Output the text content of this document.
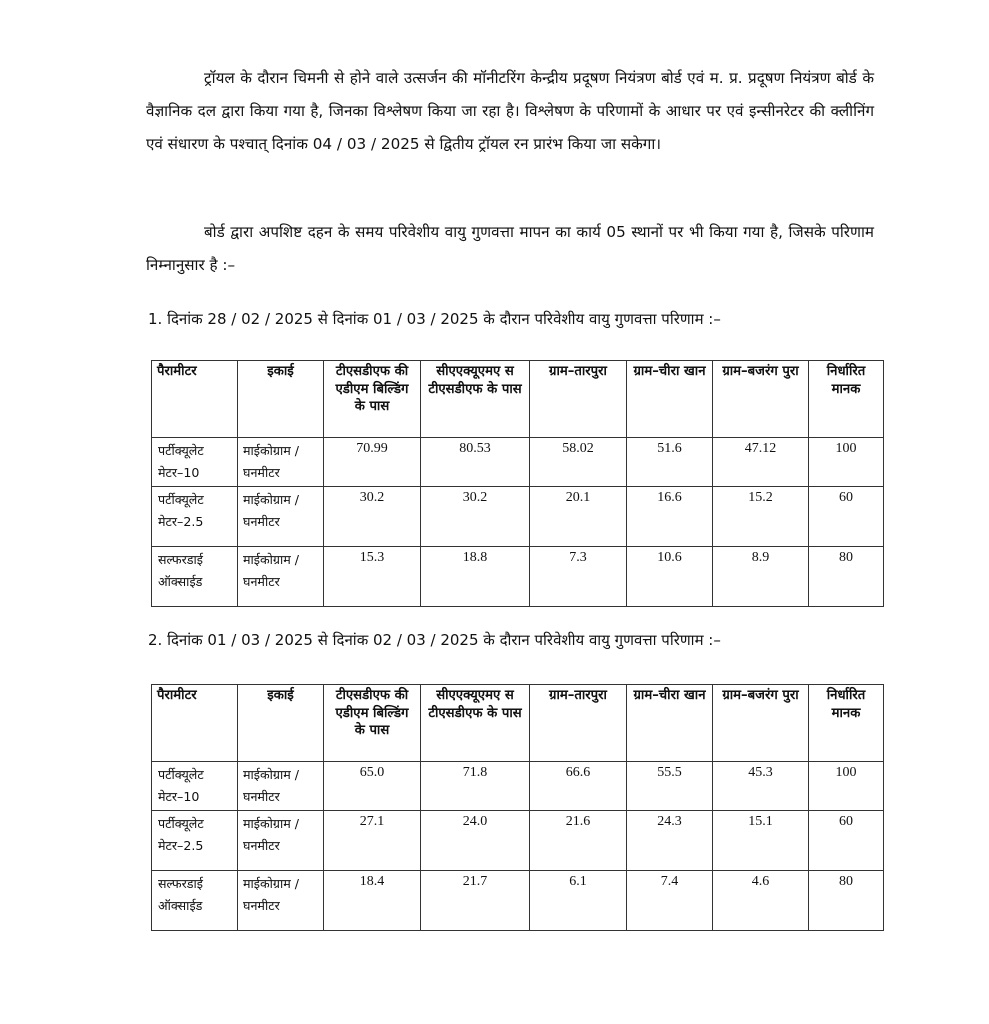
ट्रॉयल के दौरान चिमनी से होने वाले उत्सर्जन की मॉनीटरिंग केन्द्रीय प्रदूषण नियंत्रण बोर्ड एवं म. प्र. प्रदूषण नियंत्रण बोर्ड के वैज्ञानिक दल द्वारा किया गया है, जिनका विश्लेषण किया जा रहा है। विश्लेषण के परिणामों के आधार पर एवं इन्सीनरेटर की क्लीनिंग एवं संधारण के पश्चात् दिनांक 04 / 03 / 2025 से द्वितीय ट्रॉयल रन प्रारंभ किया जा सकेगा।

बोर्ड द्वारा अपशिष्ट दहन के समय परिवेशीय वायु गुणवत्ता मापन का कार्य 05 स्थानों पर भी किया गया है, जिसके परिणाम निम्नानुसार है :–

1. दिनांक 28 / 02 / 2025 से दिनांक 01 / 03 / 2025 के दौरान परिवेशीय वायु गुणवत्ता परिणाम :–

पैरामीटर	इकाई	टीएसडीएफ की एडीएम बिल्डिंग के पास	सीएएक्यूएमए स टीएसडीएफ के पास	ग्राम–तारपुरा	ग्राम–चीरा खान	ग्राम–बजरंग पुरा	निर्धारित मानक
पर्टीक्यूलेट मेटर–10	माईकोग्राम / घनमीटर	70.99	80.53	58.02	51.6	47.12	100
पर्टीक्यूलेट मेटर–2.5	माईकोग्राम / घनमीटर	30.2	30.2	20.1	16.6	15.2	60
सल्फरडाई ऑक्साईड	माईकोग्राम / घनमीटर	15.3	18.8	7.3	10.6	8.9	80

2. दिनांक 01 / 03 / 2025 से दिनांक 02 / 03 / 2025 के दौरान परिवेशीय वायु गुणवत्ता परिणाम :–

पैरामीटर	इकाई	टीएसडीएफ की एडीएम बिल्डिंग के पास	सीएएक्यूएमए स टीएसडीएफ के पास	ग्राम–तारपुरा	ग्राम–चीरा खान	ग्राम–बजरंग पुरा	निर्धारित मानक
पर्टीक्यूलेट मेटर–10	माईकोग्राम / घनमीटर	65.0	71.8	66.6	55.5	45.3	100
पर्टीक्यूलेट मेटर–2.5	माईकोग्राम / घनमीटर	27.1	24.0	21.6	24.3	15.1	60
सल्फरडाई ऑक्साईड	माईकोग्राम / घनमीटर	18.4	21.7	6.1	7.4	4.6	80
